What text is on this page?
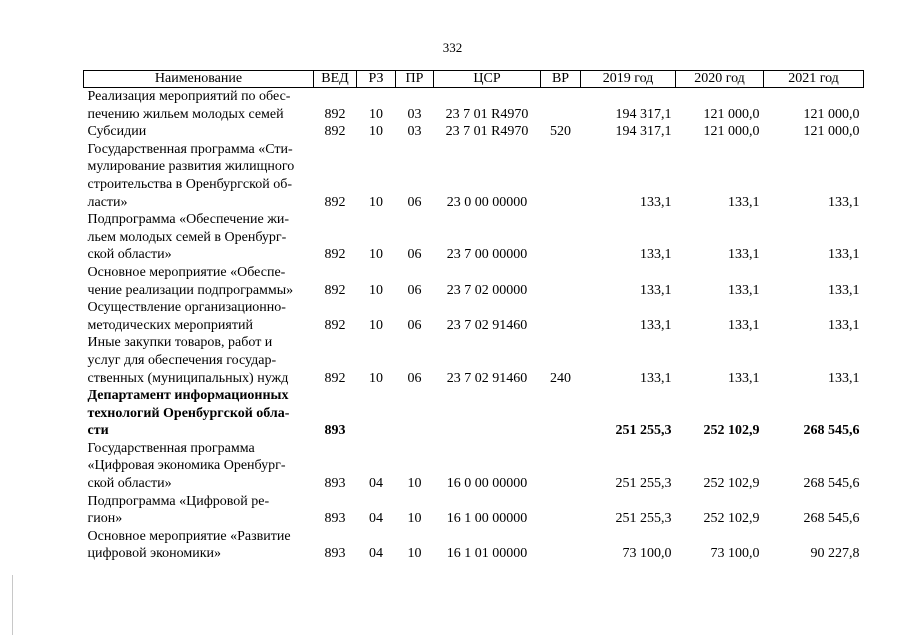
332
Наименование	ВЕД	РЗ	ПР	ЦСР	ВР	2019 год	2020 год	2021 год

Реализация мероприятий по обес-
печению жильем молодых семей	892	10	03	23 7 01 R4970		194 317,1	121 000,0	121 000,0

Субсидии	892	10	03	23 7 01 R4970	520	194 317,1	121 000,0	121 000,0

Государственная программа «Сти-
мулирование развития жилищного
строительства в Оренбургской об-
ласти»	892	10	06	23 0 00 00000		133,1	133,1	133,1

Подпрограмма «Обеспечение жи-
льем молодых семей в Оренбург-
ской области»	892	10	06	23 7 00 00000		133,1	133,1	133,1

Основное мероприятие «Обеспе-
чение реализации подпрограммы»	892	10	06	23 7 02 00000		133,1	133,1	133,1

Осуществление организационно-
методических мероприятий	892	10	06	23 7 02 91460		133,1	133,1	133,1

Иные закупки товаров, работ и
услуг для обеспечения государ-
ственных (муниципальных) нужд	892	10	06	23 7 02 91460	240	133,1	133,1	133,1

Департамент информационных
технологий Оренбургской обла-
сти	893					251 255,3	252 102,9	268 545,6

Государственная программа
«Цифровая экономика Оренбург-
ской области»	893	04	10	16 0 00 00000		251 255,3	252 102,9	268 545,6

Подпрограмма «Цифровой ре-
гион»	893	04	10	16 1 00 00000		251 255,3	252 102,9	268 545,6

Основное мероприятие «Развитие
цифровой экономики»	893	04	10	16 1 01 00000		73 100,0	73 100,0	90 227,8
